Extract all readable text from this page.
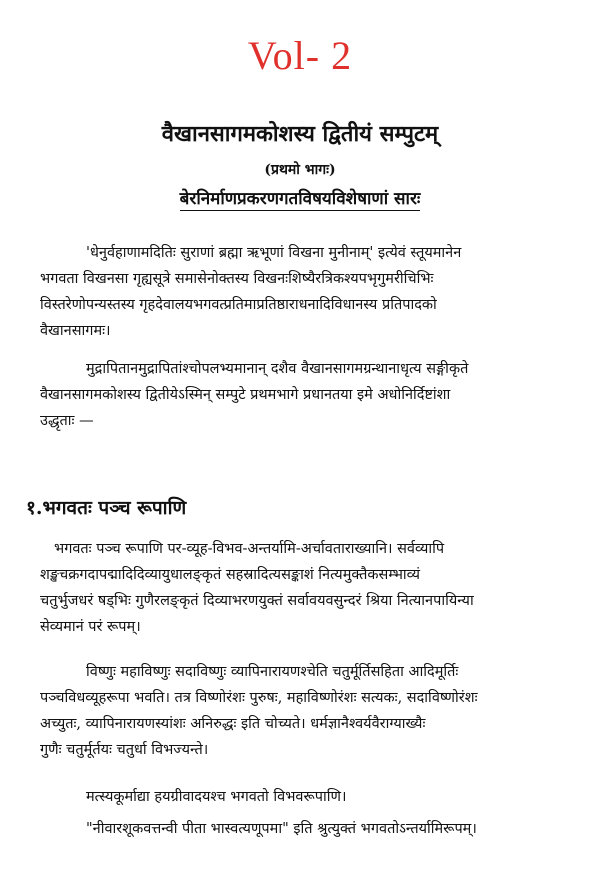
Vol- 2
वैखानसागमकोशस्य द्वितीयं सम्पुटम्
(प्रथमो भागः)
बेरनिर्माणप्रकरणगतविषयविशेषाणां सारः
'धेनुर्वहाणामदितिः सुराणां ब्रह्मा ऋभूणां विखना मुनीनाम्' इत्येवं स्तूयमानेन
भगवता विखनसा गृह्यसूत्रे समासेनोक्तस्य विखनःशिष्यैरत्रिकश्यपभृगुमरीचिभिः
विस्तरेणोपन्यस्तस्य गृहदेवालयभगवत्प्रतिमाप्रतिष्ठाराधनादिविधानस्य प्रतिपादको
वैखानसागमः।
मुद्रापितानमुद्रापितांश्चोपलभ्यमानान् दशैव वैखानसागमग्रन्थानाधृत्य सङ्गीकृते
वैखानसागमकोशस्य द्वितीयेऽस्मिन् सम्पुटे प्रथमभागे प्रधानतया इमे अधोनिर्दिष्टांशा
उद्धृताः —
१.भगवतः पञ्च रूपाणि
भगवतः पञ्च रूपाणि पर-व्यूह-विभव-अन्तर्यामि-अर्चावताराख्यानि। सर्वव्यापि
शङ्खचक्रगदापद्मादिदिव्यायुधालङ्कृतं सहस्रादित्यसङ्काशं नित्यमुक्तैकसम्भाव्यं
चतुर्भुजधरं षड्भिः गुणैरलङ्कृतं दिव्याभरणयुक्तं सर्वावयवसुन्दरं श्रिया नित्यानपायिन्या
सेव्यमानं परं रूपम्।
विष्णुः महाविष्णुः सदाविष्णुः व्यापिनारायणश्चेति चतुर्मूर्तिसहिता आदिमूर्तिः
पञ्चविधव्यूहरूपा भवति। तत्र विष्णोरंशः पुरुषः, महाविष्णोरंशः सत्यकः, सदाविष्णोरंशः
अच्युतः, व्यापिनारायणस्यांशः अनिरुद्धः इति चोच्यते। धर्मज्ञानैश्वर्यवैराग्याख्यैः
गुणैः चतुर्मूर्तयः चतुर्धा विभज्यन्ते।
मत्स्यकूर्माद्या हयग्रीवादयश्च भगवतो विभवरूपाणि।
"नीवारशूकवत्तन्वी पीता भास्वत्यणूपमा" इति श्रुत्युक्तं भगवतोऽन्तर्यामिरूपम्।
